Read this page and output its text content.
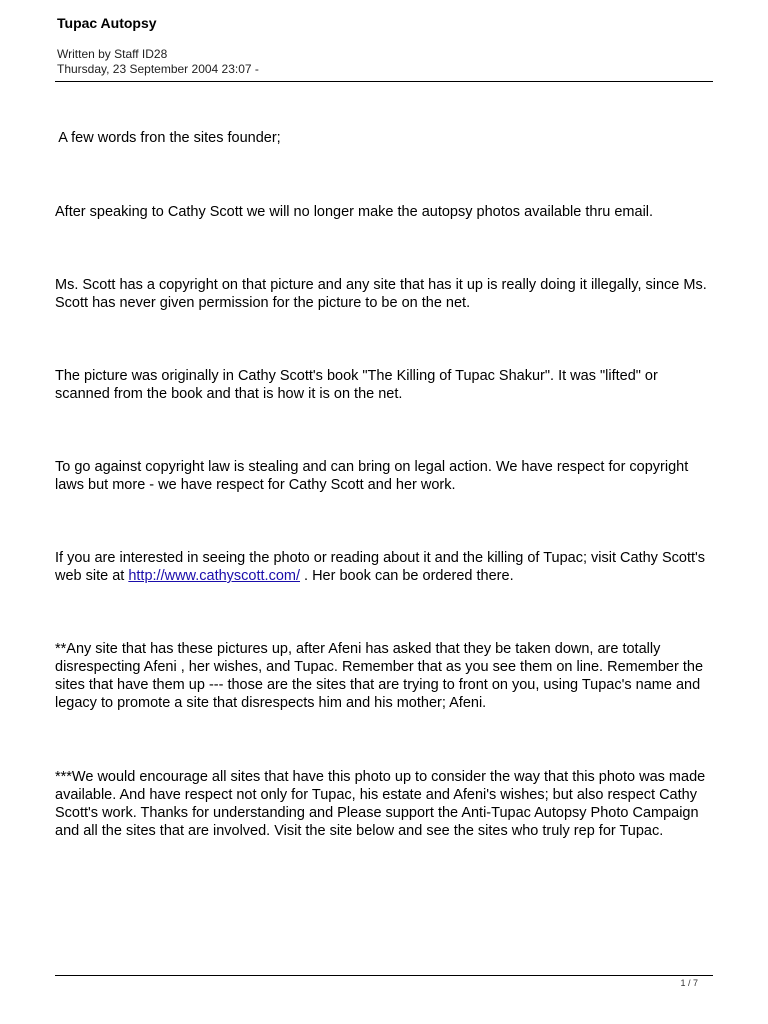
Tupac Autopsy
Written by Staff ID28
Thursday, 23 September 2004 23:07 -

A few words fron the sites founder;

After speaking to Cathy Scott we will no longer make the autopsy photos available thru email.

Ms. Scott has a copyright on that picture and any site that has it up is really doing it illegally, since Ms. Scott has never given permission for the picture to be on the net.

The picture was originally in Cathy Scott's book "The Killing of Tupac Shakur". It was "lifted" or scanned from the book and that is how it is on the net.

To go against copyright law is stealing and can bring on legal action. We have respect for copyright laws but more - we have respect for Cathy Scott and her work.

If you are interested in seeing the photo or reading about it and the killing of Tupac; visit Cathy Scott's web site at http://www.cathyscott.com/ . Her book can be ordered there.

**Any site that has these pictures up, after Afeni has asked that they be taken down, are totally disrespecting Afeni , her wishes, and Tupac. Remember that as you see them on line. Remember the sites that have them up --- those are the sites that are trying to front on you, using Tupac's name and legacy to promote a site that disrespects him and his mother; Afeni.

***We would encourage all sites that have this photo up to consider the way that this photo was made available. And have respect not only for Tupac, his estate and Afeni's wishes; but also respect Cathy Scott's work. Thanks for understanding and Please support the Anti-Tupac Autopsy Photo Campaign and all the sites that are involved. Visit the site below and see the sites who truly rep for Tupac.

1 / 7
